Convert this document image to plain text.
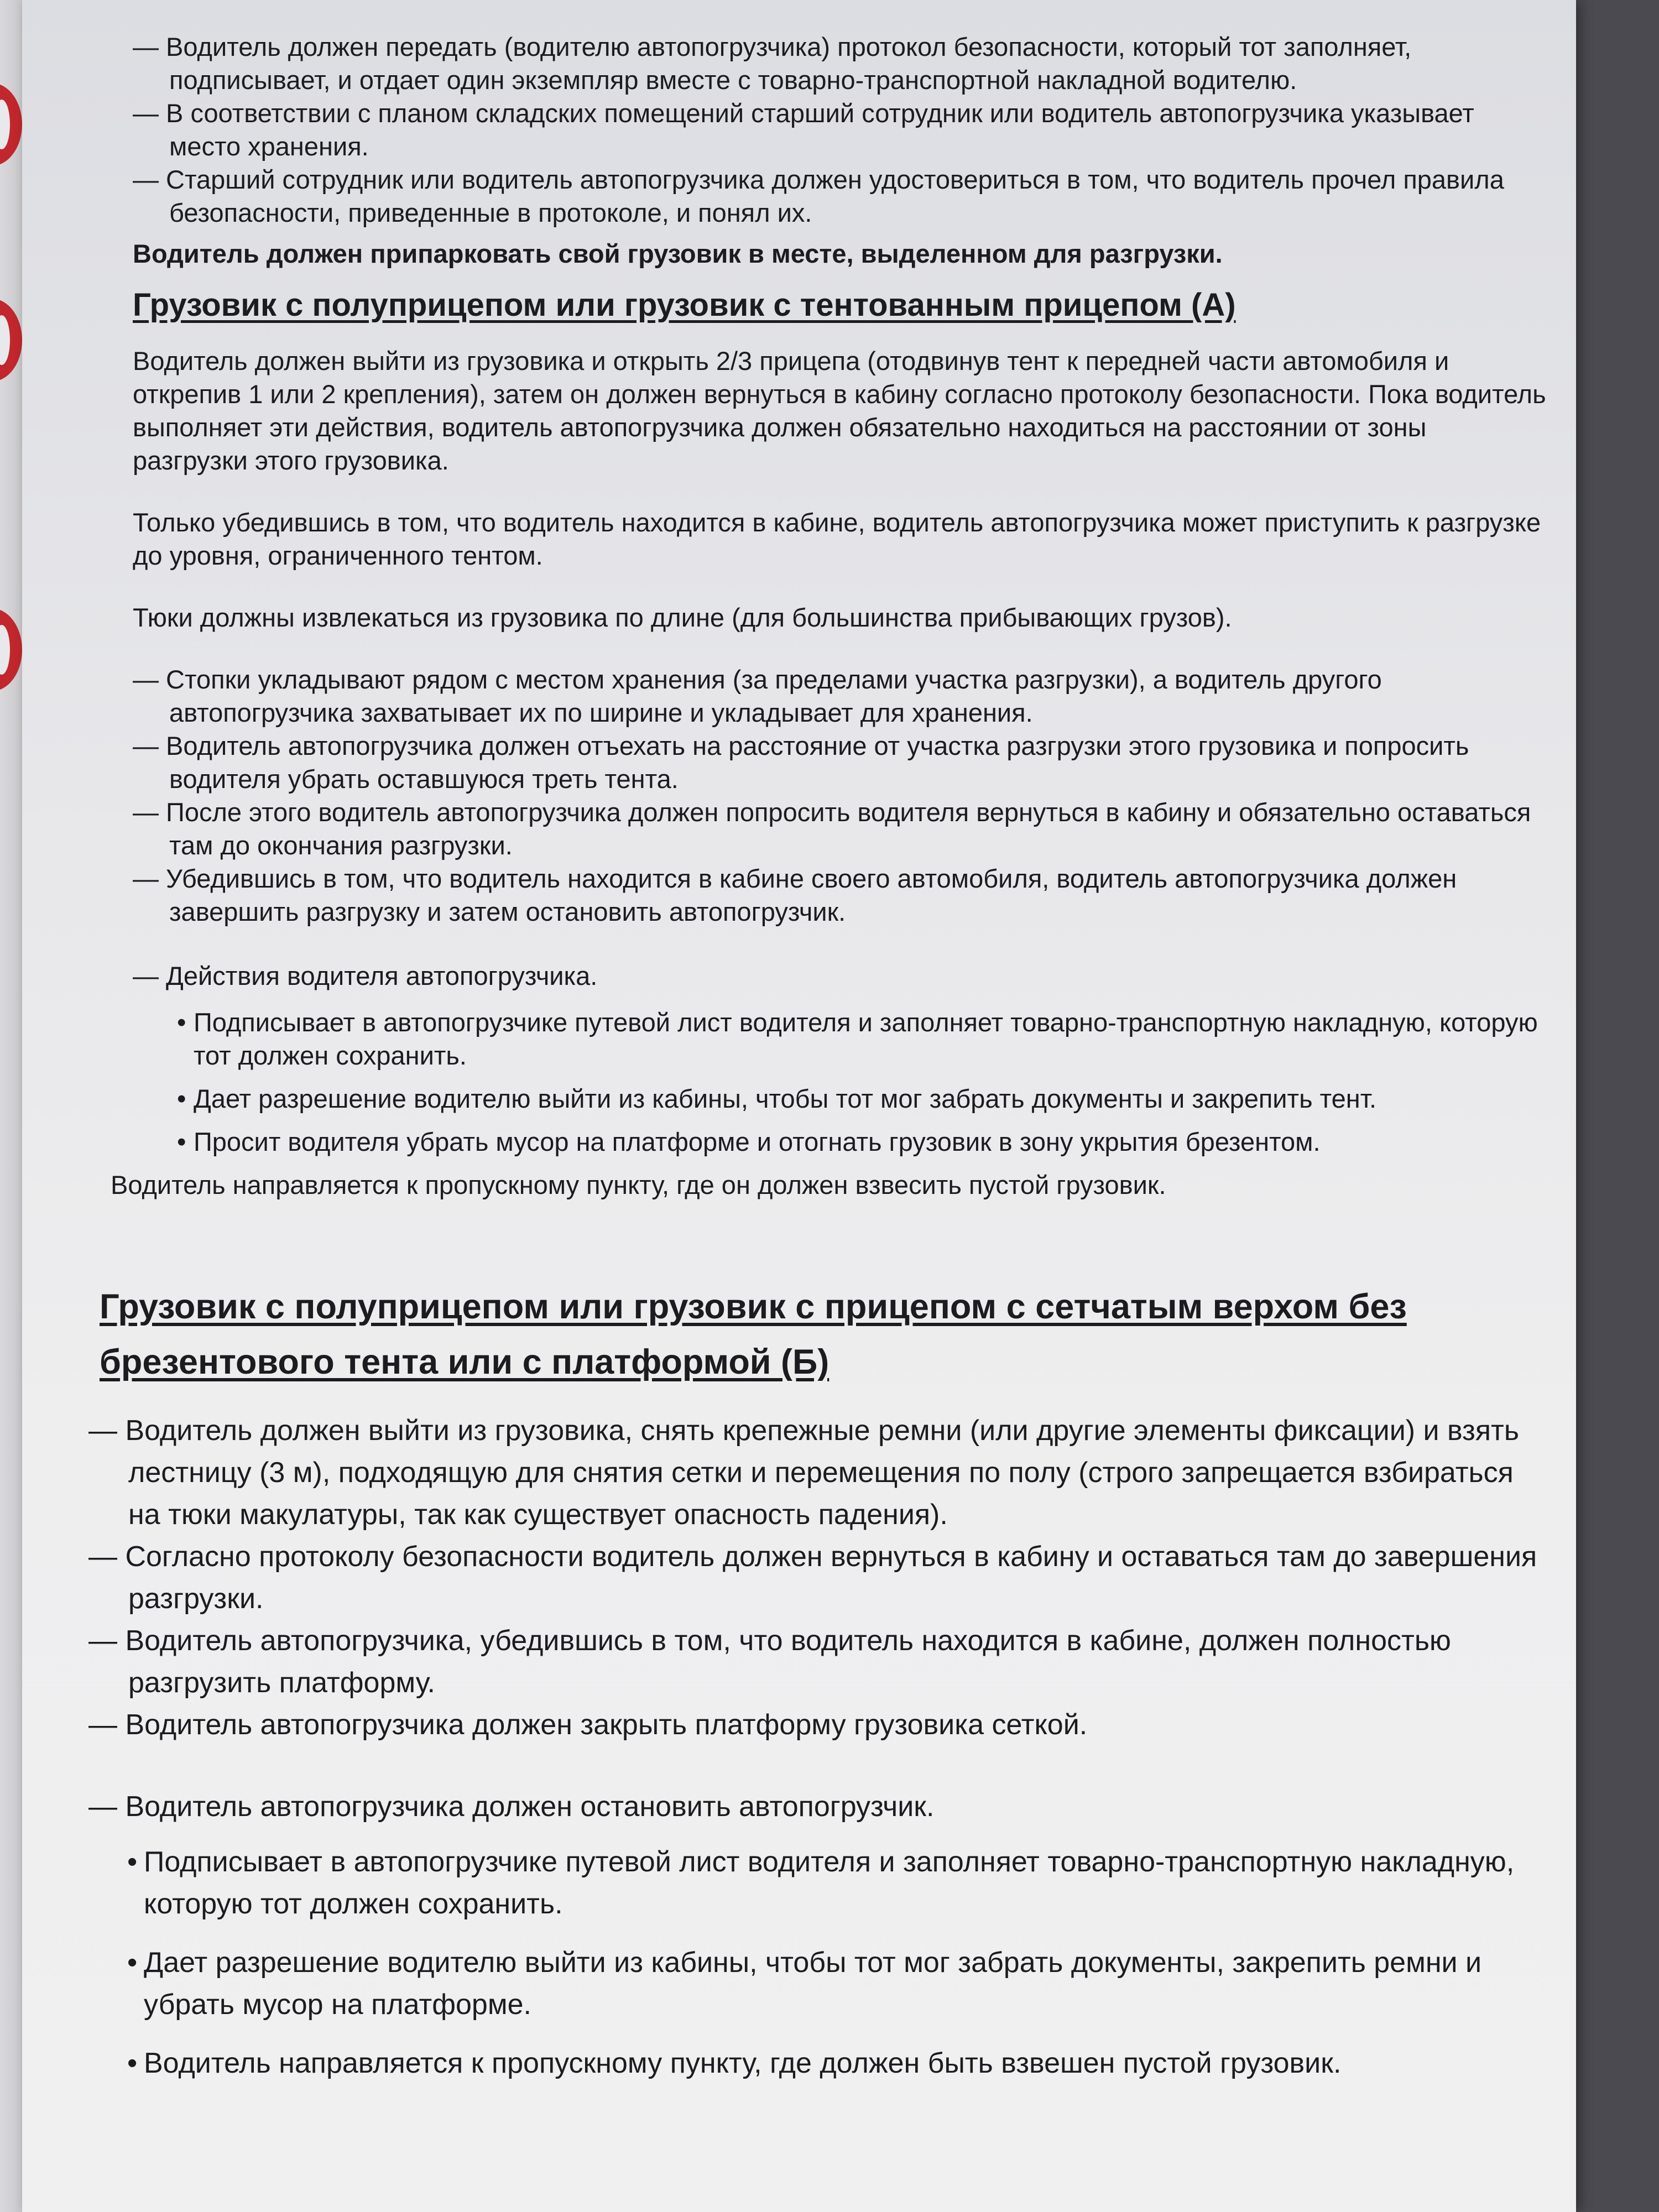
— Водитель должен передать (водителю автопогрузчика) протокол безопасности, который тот заполняет, подписывает, и отдает один экземпляр вместе с товарно-транспортной накладной водителю.

— В соответствии с планом складских помещений старший сотрудник или водитель автопогрузчика указывает место хранения.

— Старший сотрудник или водитель автопогрузчика должен удостовериться в том, что водитель прочел правила безопасности, приведенные в протоколе, и понял их.

Водитель должен припарковать свой грузовик в месте, выделенном для разгрузки.

Грузовик с полуприцепом или грузовик с тентованным прицепом (А)

Водитель должен выйти из грузовика и открыть 2/3 прицепа (отодвинув тент к передней части автомобиля и открепив 1 или 2 крепления), затем он должен вернуться в кабину согласно протоколу безопасности. Пока водитель выполняет эти действия, водитель автопогрузчика должен обязательно находиться на расстоянии от зоны разгрузки этого грузовика.

Только убедившись в том, что водитель находится в кабине, водитель автопогрузчика может приступить к разгрузке до уровня, ограниченного тентом.

Тюки должны извлекаться из грузовика по длине (для большинства прибывающих грузов).

— Стопки укладывают рядом с местом хранения (за пределами участка разгрузки), а водитель другого автопогрузчика захватывает их по ширине и укладывает для хранения.

— Водитель автопогрузчика должен отъехать на расстояние от участка разгрузки этого грузовика и попросить водителя убрать оставшуюся треть тента.

— После этого водитель автопогрузчика должен попросить водителя вернуться в кабину и обязательно оставаться там до окончания разгрузки.

— Убедившись в том, что водитель находится в кабине своего автомобиля, водитель автопогрузчика должен завершить разгрузку и затем остановить автопогрузчик.

— Действия водителя автопогрузчика.

• Подписывает в автопогрузчике путевой лист водителя и заполняет товарно-транспортную накладную, которую тот должен сохранить.
• Дает разрешение водителю выйти из кабины, чтобы тот мог забрать документы и закрепить тент.
• Просит водителя убрать мусор на платформе и отогнать грузовик в зону укрытия брезентом.

Водитель направляется к пропускному пункту, где он должен взвесить пустой грузовик.

Грузовик с полуприцепом или грузовик с прицепом с сетчатым верхом без брезентового тента или с платформой (Б)

— Водитель должен выйти из грузовика, снять крепежные ремни (или другие элементы фиксации) и взять лестницу (3 м), подходящую для снятия сетки и перемещения по полу (строго запрещается взбираться на тюки макулатуры, так как существует опасность падения).

— Согласно протоколу безопасности водитель должен вернуться в кабину и оставаться там до завершения разгрузки.

— Водитель автопогрузчика, убедившись в том, что водитель находится в кабине, должен полностью разгрузить платформу.

— Водитель автопогрузчика должен закрыть платформу грузовика сеткой.

— Водитель автопогрузчика должен остановить автопогрузчик.

• Подписывает в автопогрузчике путевой лист водителя и заполняет товарно-транспортную накладную, которую тот должен сохранить.
• Дает разрешение водителю выйти из кабины, чтобы тот мог забрать документы, закрепить ремни и убрать мусор на платформе.
• Водитель направляется к пропускному пункту, где должен быть взвешен пустой грузовик.
